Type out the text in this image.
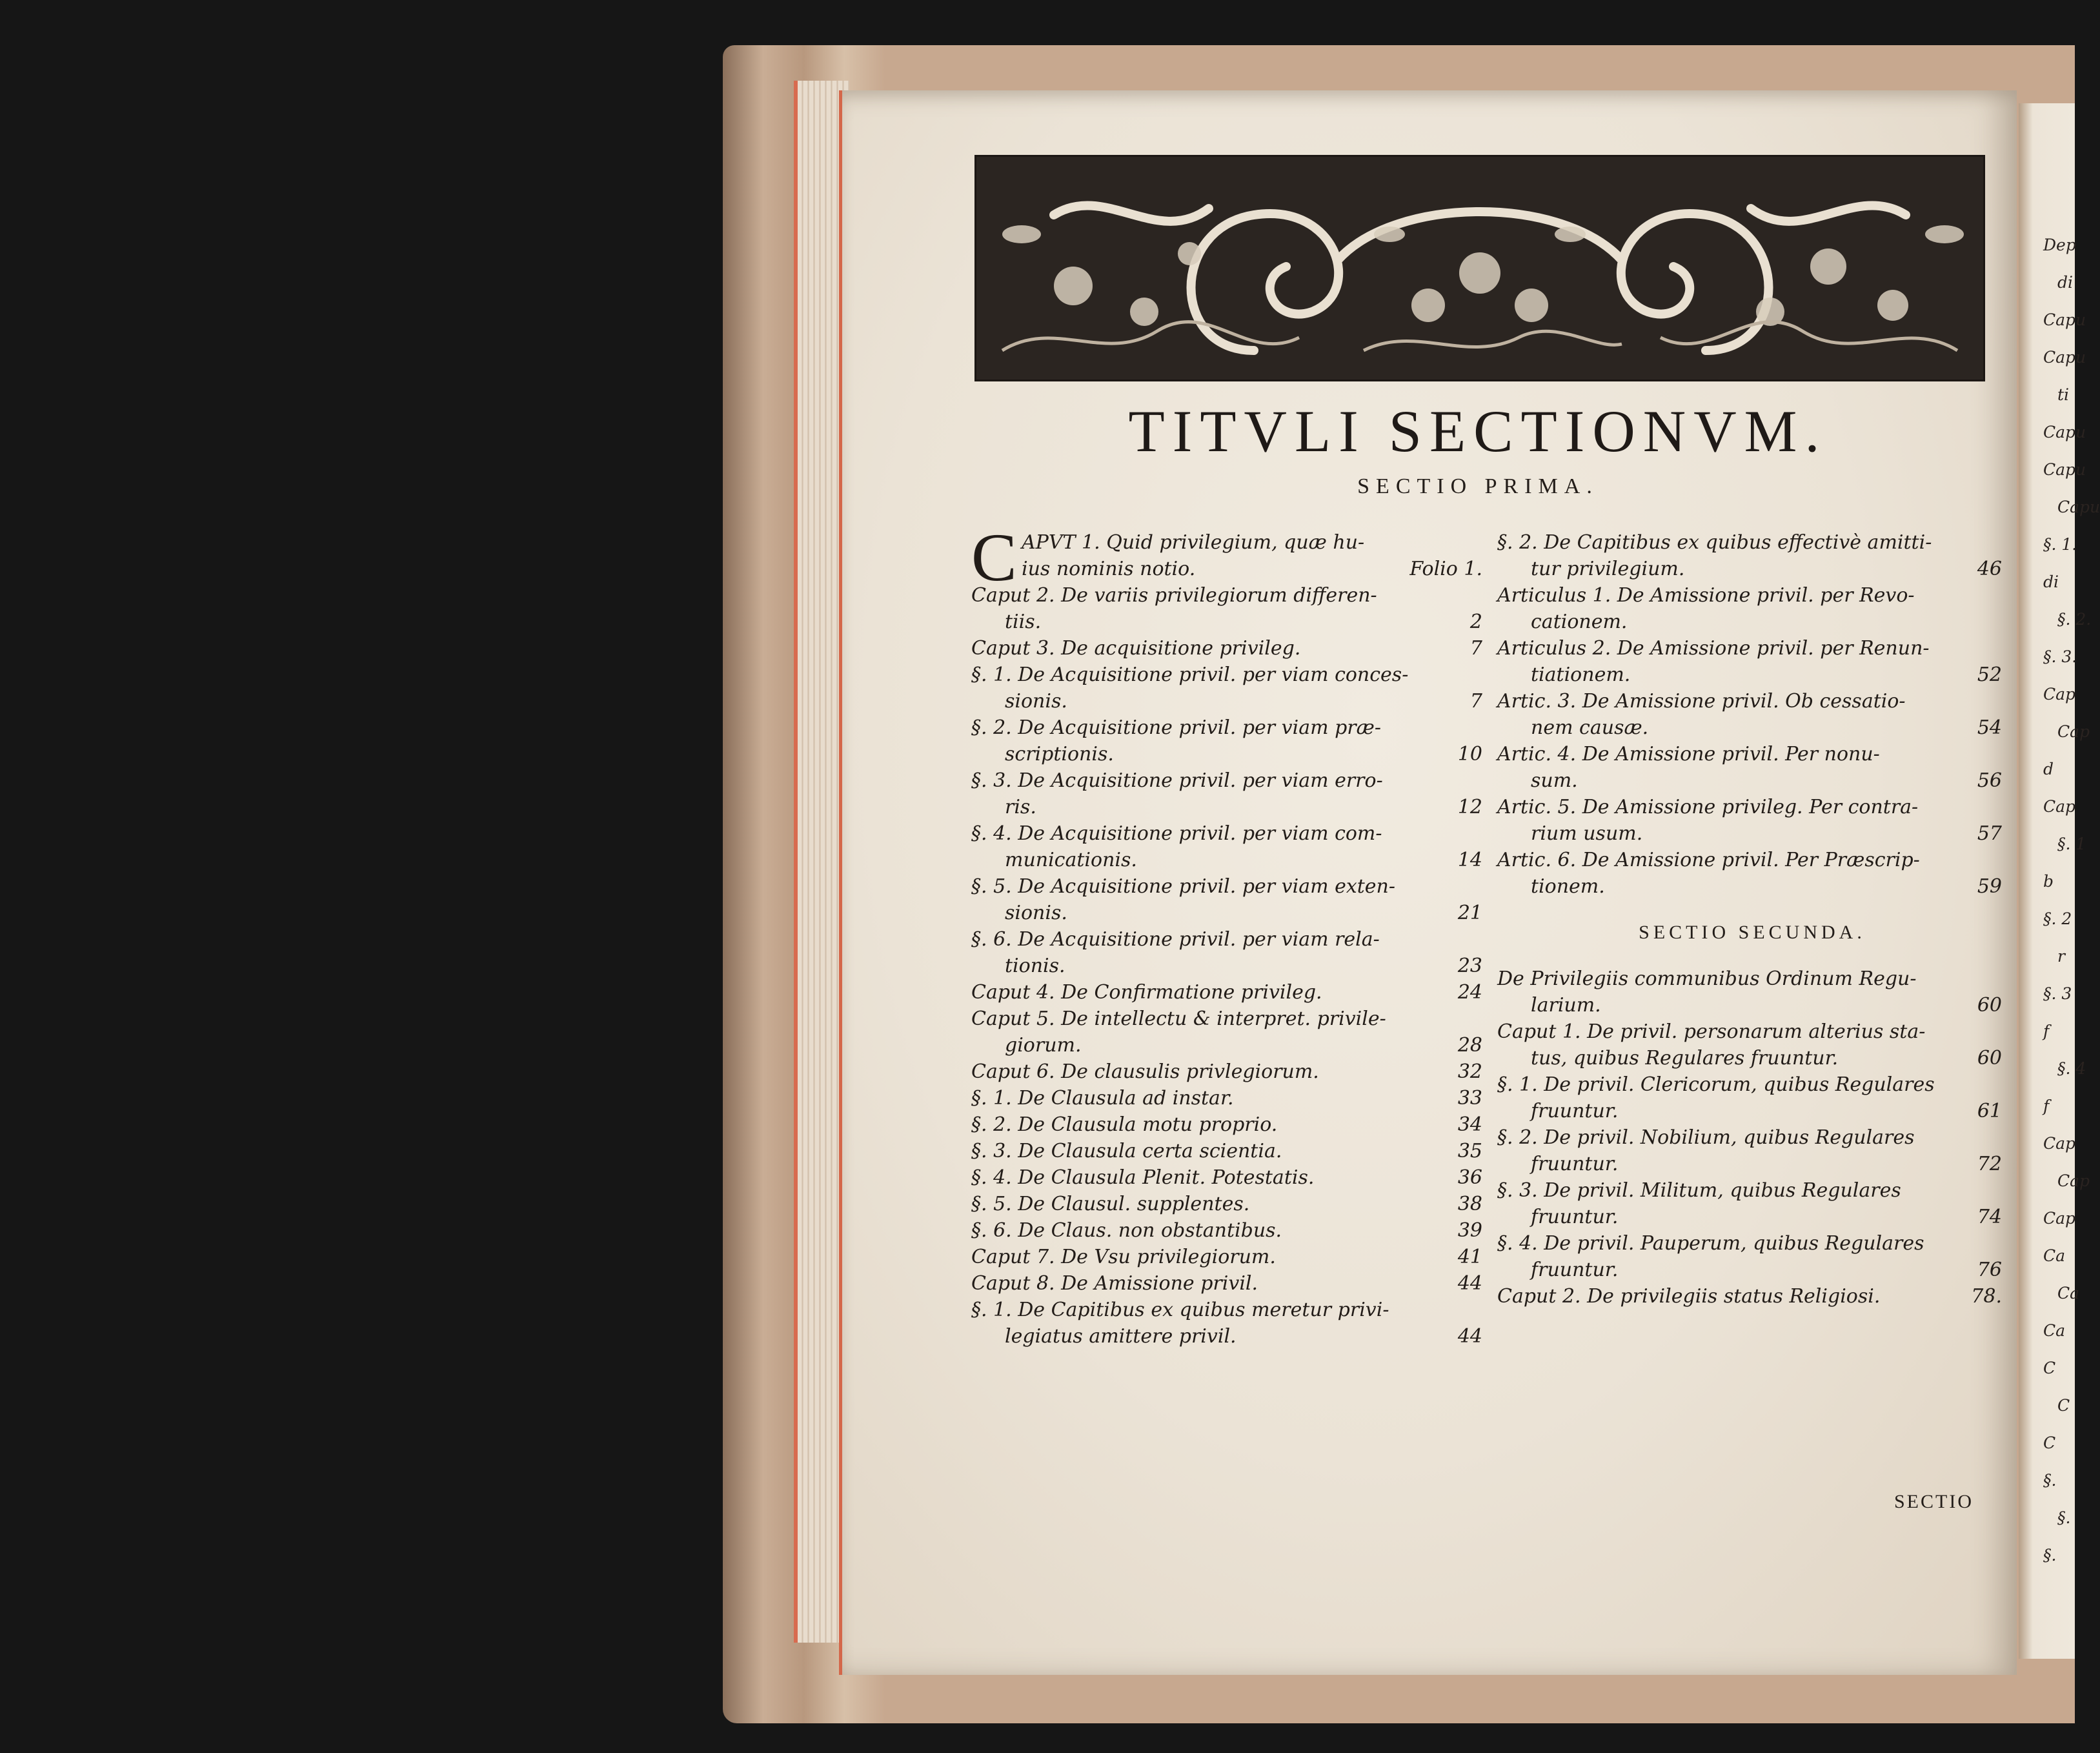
Dep
di
Capu
Capu
ti
Capu
Capu
Capu
§. 1.
di
§. 2.
§. 3.
Cap
Cap
d
Cap
§. 1
b
§. 2
r
§. 3
f
§. 4
f
Cap
Cap
Cap
Ca
Ca
Ca
C
C
C
§.
§.
§.
TITVLI SECTIONVM.
SECTIO PRIMA.
C APVT 1. Quid privilegium, quæ hu-
ius nominis notio.	Folio 1.
Caput 2. De variis privilegiorum differen-
tiis.	2
Caput 3. De acquisitione privileg.	7
§. 1. De Acquisitione privil. per viam conces-
sionis.	7
§. 2. De Acquisitione privil. per viam præ-
scriptionis.	10
§. 3. De Acquisitione privil. per viam erro-
ris.	12
§. 4. De Acquisitione privil. per viam com-
municationis.	14
§. 5. De Acquisitione privil. per viam exten-
sionis.	21
§. 6. De Acquisitione privil. per viam rela-
tionis.	23
Caput 4. De Confirmatione privileg.	24
Caput 5. De intellectu & interpret. privile-
giorum.	28
Caput 6. De clausulis privlegiorum.	32
§. 1. De Clausula ad instar.	33
§. 2. De Clausula motu proprio.	34
§. 3. De Clausula certa scientia.	35
§. 4. De Clausula Plenit. Potestatis.	36
§. 5. De Clausul. supplentes.	38
§. 6. De Claus. non obstantibus.	39
Caput 7. De Vsu privilegiorum.	41
Caput 8. De Amissione privil.	44
§. 1. De Capitibus ex quibus meretur privi-
legiatus amittere privil.	44
§. 2. De Capitibus ex quibus effectivè amitti-
tur privilegium.	46
Articulus 1. De Amissione privil. per Revo-
cationem.
Articulus 2. De Amissione privil. per Renun-
tiationem.	52
Artic. 3. De Amissione privil. Ob cessatio-
nem causæ.	54
Artic. 4. De Amissione privil. Per nonu-
sum.	56
Artic. 5. De Amissione privileg. Per contra-
rium usum.	57
Artic. 6. De Amissione privil. Per Præscrip-
tionem.	59
SECTIO SECUNDA.
De Privilegiis communibus Ordinum Regu-
larium.	60
Caput 1. De privil. personarum alterius sta-
tus, quibus Regulares fruuntur.	60
§. 1. De privil. Clericorum, quibus Regulares
fruuntur.	61
§. 2. De privil. Nobilium, quibus Regulares
fruuntur.	72
§. 3. De privil. Militum, quibus Regulares
fruuntur.	74
§. 4. De privil. Pauperum, quibus Regulares
fruuntur.	76
Caput 2. De privilegiis status Religiosi.	78.
SECTIO
